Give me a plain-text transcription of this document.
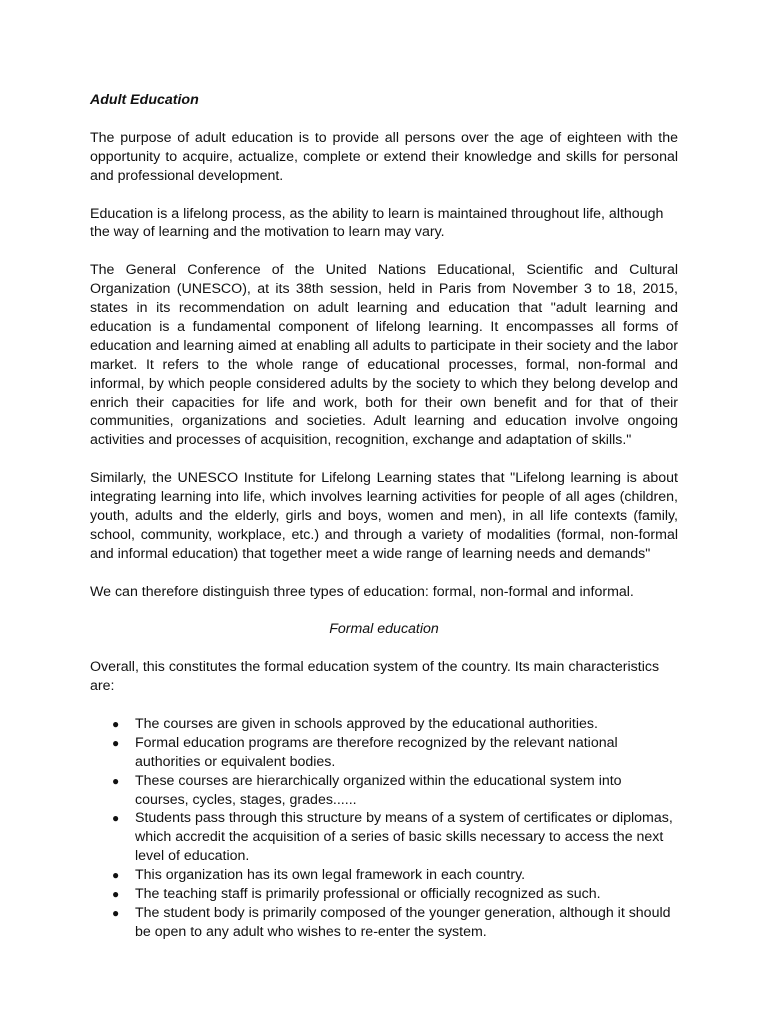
Adult Education

The purpose of adult education is to provide all persons over the age of eighteen with the opportunity to acquire, actualize, complete or extend their knowledge and skills for personal and professional development.

Education is a lifelong process, as the ability to learn is maintained throughout life, although the way of learning and the motivation to learn may vary.

The General Conference of the United Nations Educational, Scientific and Cultural Organization (UNESCO), at its 38th session, held in Paris from November 3 to 18, 2015, states in its recommendation on adult learning and education that "adult learning and education is a fundamental component of lifelong learning. It encompasses all forms of education and learning aimed at enabling all adults to participate in their society and the labor market. It refers to the whole range of educational processes, formal, non-formal and informal, by which people considered adults by the society to which they belong develop and enrich their capacities for life and work, both for their own benefit and for that of their communities, organizations and societies. Adult learning and education involve ongoing activities and processes of acquisition, recognition, exchange and adaptation of skills."

Similarly, the UNESCO Institute for Lifelong Learning states that "Lifelong learning is about integrating learning into life, which involves learning activities for people of all ages (children, youth, adults and the elderly, girls and boys, women and men), in all life contexts (family, school, community, workplace, etc.) and through a variety of modalities (formal, non-formal and informal education) that together meet a wide range of learning needs and demands"

We can therefore distinguish three types of education: formal, non-formal and informal.

Formal education

Overall, this constitutes the formal education system of the country. Its main characteristics are:

● The courses are given in schools approved by the educational authorities.
● Formal education programs are therefore recognized by the relevant national authorities or equivalent bodies.
● These courses are hierarchically organized within the educational system into courses, cycles, stages, grades......
● Students pass through this structure by means of a system of certificates or diplomas, which accredit the acquisition of a series of basic skills necessary to access the next level of education.
● This organization has its own legal framework in each country.
● The teaching staff is primarily professional or officially recognized as such.
● The student body is primarily composed of the younger generation, although it should be open to any adult who wishes to re-enter the system.
